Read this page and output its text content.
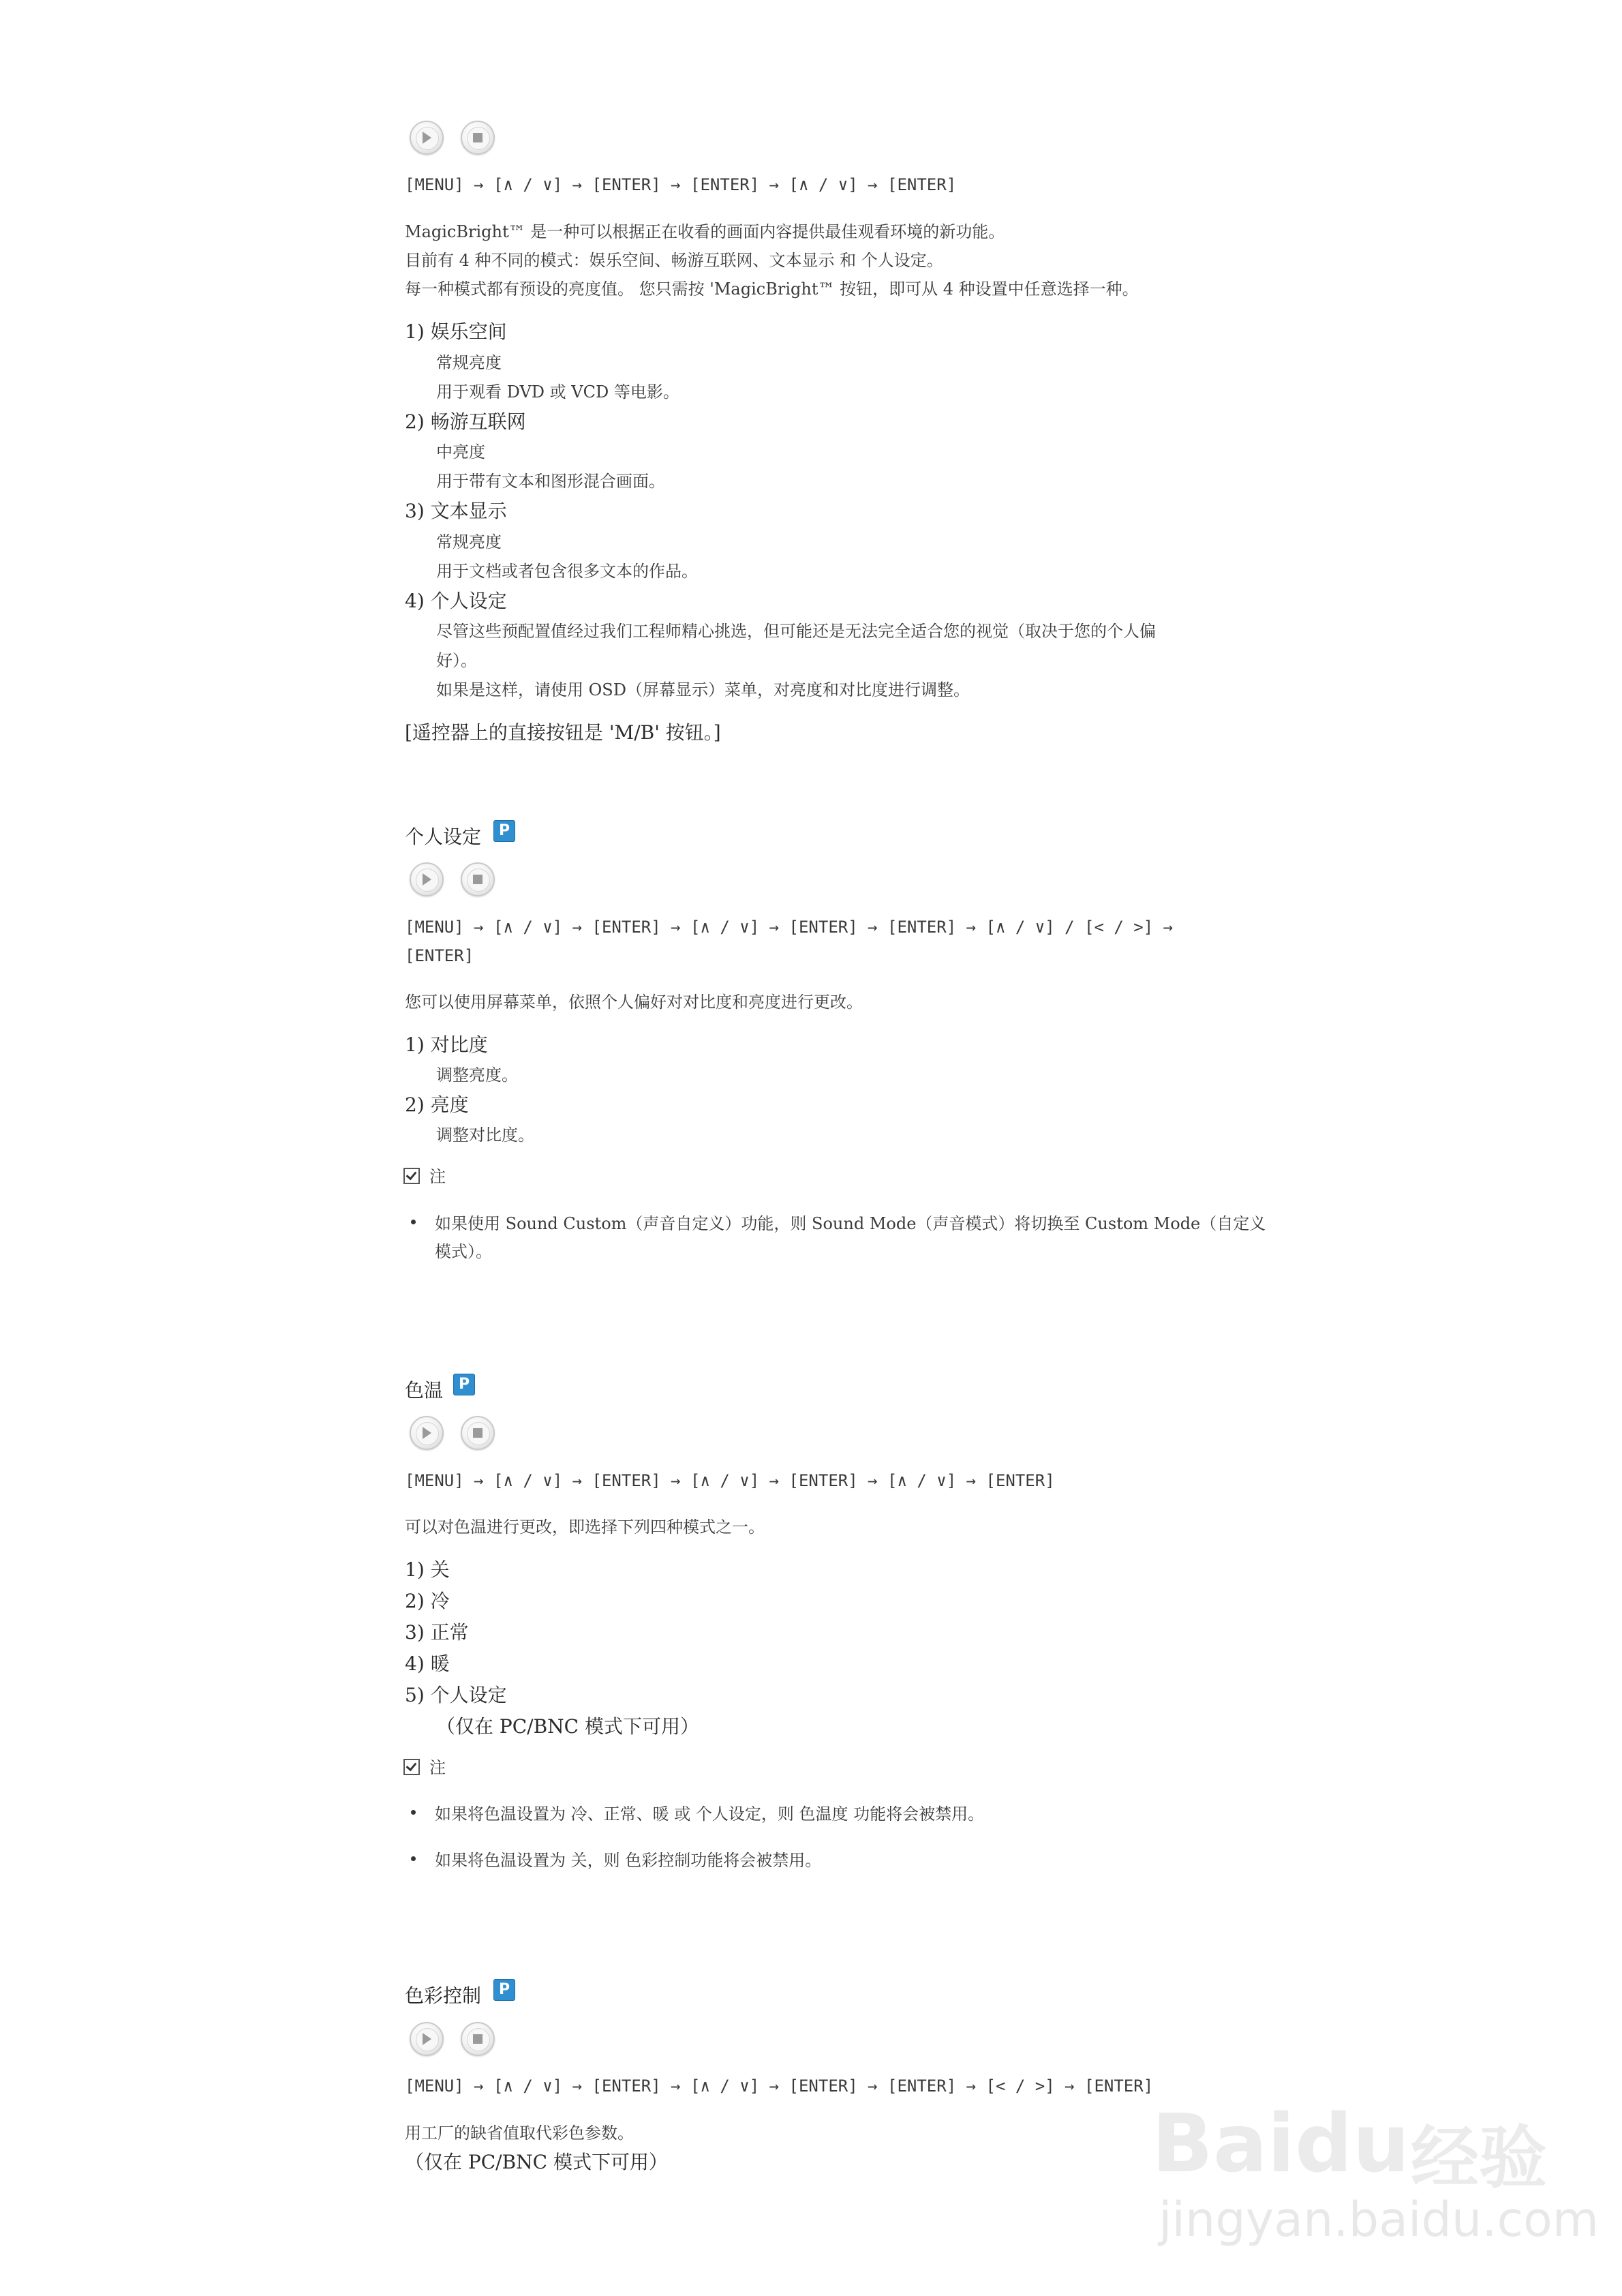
[MENU] → [∧ / ∨] → [ENTER] → [ENTER] → [∧ / ∨] → [ENTER]
MagicBright™ 是一种可以根据正在收看的画面内容提供最佳观看环境的新功能。
目前有 4 种不同的模式：娱乐空间、畅游互联网、文本显示 和 个人设定。
每一种模式都有预设的亮度值。 您只需按 'MagicBright™ 按钮，即可从 4 种设置中任意选择一种。
1) 娱乐空间
常规亮度
用于观看 DVD 或 VCD 等电影。
2) 畅游互联网
中亮度
用于带有文本和图形混合画面。
3) 文本显示
常规亮度
用于文档或者包含很多文本的作品。
4) 个人设定
尽管这些预配置值经过我们工程师精心挑选，但可能还是无法完全适合您的视觉（取决于您的个人偏
好）。
如果是这样，请使用 OSD（屏幕显示）菜单，对亮度和对比度进行调整。
[遥控器上的直接按钮是 'M/B' 按钮。]
个人设定	P
[MENU] → [∧ / ∨] → [ENTER] → [∧ / ∨] → [ENTER] → [ENTER] → [∧ / ∨] / [< / >] →
[ENTER]
您可以使用屏幕菜单，依照个人偏好对对比度和亮度进行更改。
1) 对比度
调整亮度。
2) 亮度
调整对比度。
注
如果使用 Sound Custom（声音自定义）功能，则 Sound Mode（声音模式）将切换至 Custom Mode（自定义
模式）。
色温	P
[MENU] → [∧ / ∨] → [ENTER] → [∧ / ∨] → [ENTER] → [∧ / ∨] → [ENTER]
可以对色温进行更改，即选择下列四种模式之一。
1) 关
2) 冷
3) 正常
4) 暖
5) 个人设定
（仅在 PC/BNC 模式下可用）
注
如果将色温设置为 冷、正常、暖 或 个人设定，则 色温度 功能将会被禁用。
如果将色温设置为 关，则 色彩控制功能将会被禁用。
色彩控制	P
[MENU] → [∧ / ∨] → [ENTER] → [∧ / ∨] → [ENTER] → [ENTER] → [< / >] → [ENTER]
用工厂的缺省值取代彩色参数。
（仅在 PC/BNC 模式下可用）	Bai du 经验
jingyan.baidu.com
